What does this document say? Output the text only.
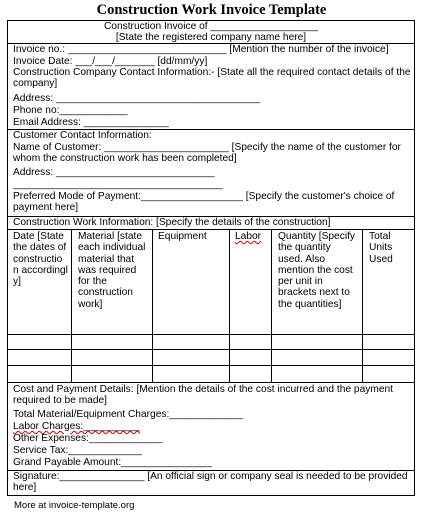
Construction Work Invoice Template
Construction Invoice of ___________________
[State the registered company name here]
Invoice no.: ____________________________ [Mention the number of the invoice]
Invoice Date: ___/___/_______ [dd/mm/yy]
Construction Company Contact Information:- [State all the required contact details of the company]
Address: ____________________________________
Phone no:____________
Email Address: _______________
Customer Contact Information:
Name of Customer: ______________________ [Specify the name of the customer for whom the construction work has been completed]
Address: ____________________________
_____________________________________
Preferred Mode of Payment:__________________ [Specify the customer's choice of payment here]
Construction Work Information: [Specify the details of the construction]
Date [State the dates of constructio n accordingl y]
Material [state each individual material that was required for the construction work]
Equipment	Labor	Quantity [Specify the quantity used. Also mention the cost per unit in brackets next to the quantities]
Total Units Used
Cost and Payment Details: [Mention the details of the cost incurred and the payment required to be made]
Total Material/Equipment Charges:_____________
Labor Charges:__________
Other Expenses:_____________
Service Tax:_____________
Grand Payable Amount:________________
Signature:_______________ [An official sign or company seal is needed to be provided here]
More at invoice-template.org
